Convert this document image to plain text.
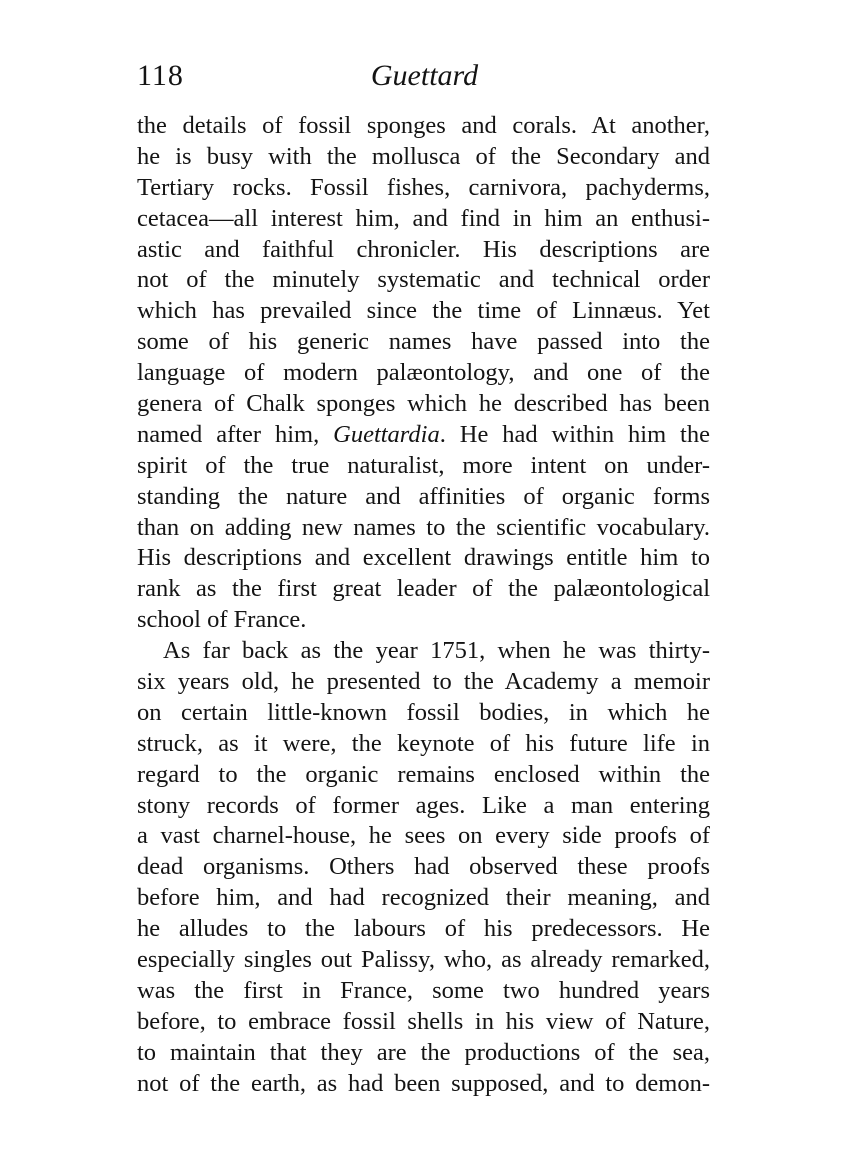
118	Guettard
the details of fossil sponges and corals. At another,
he is busy with the mollusca of the Secondary and
Tertiary rocks. Fossil fishes, carnivora, pachyderms,
cetacea—all interest him, and find in him an enthusi-
astic and faithful chronicler. His descriptions are
not of the minutely systematic and technical order
which has prevailed since the time of Linnæus. Yet
some of his generic names have passed into the
language of modern palæontology, and one of the
genera of Chalk sponges which he described has been
named after him, Guettardia. He had within him the
spirit of the true naturalist, more intent on under-
standing the nature and affinities of organic forms
than on adding new names to the scientific vocabulary.
His descriptions and excellent drawings entitle him to
rank as the first great leader of the palæontological
school of France.
As far back as the year 1751, when he was thirty-
six years old, he presented to the Academy a memoir
on certain little-known fossil bodies, in which he
struck, as it were, the keynote of his future life in
regard to the organic remains enclosed within the
stony records of former ages. Like a man entering
a vast charnel-house, he sees on every side proofs of
dead organisms. Others had observed these proofs
before him, and had recognized their meaning, and
he alludes to the labours of his predecessors. He
especially singles out Palissy, who, as already remarked,
was the first in France, some two hundred years
before, to embrace fossil shells in his view of Nature,
to maintain that they are the productions of the sea,
not of the earth, as had been supposed, and to demon-
